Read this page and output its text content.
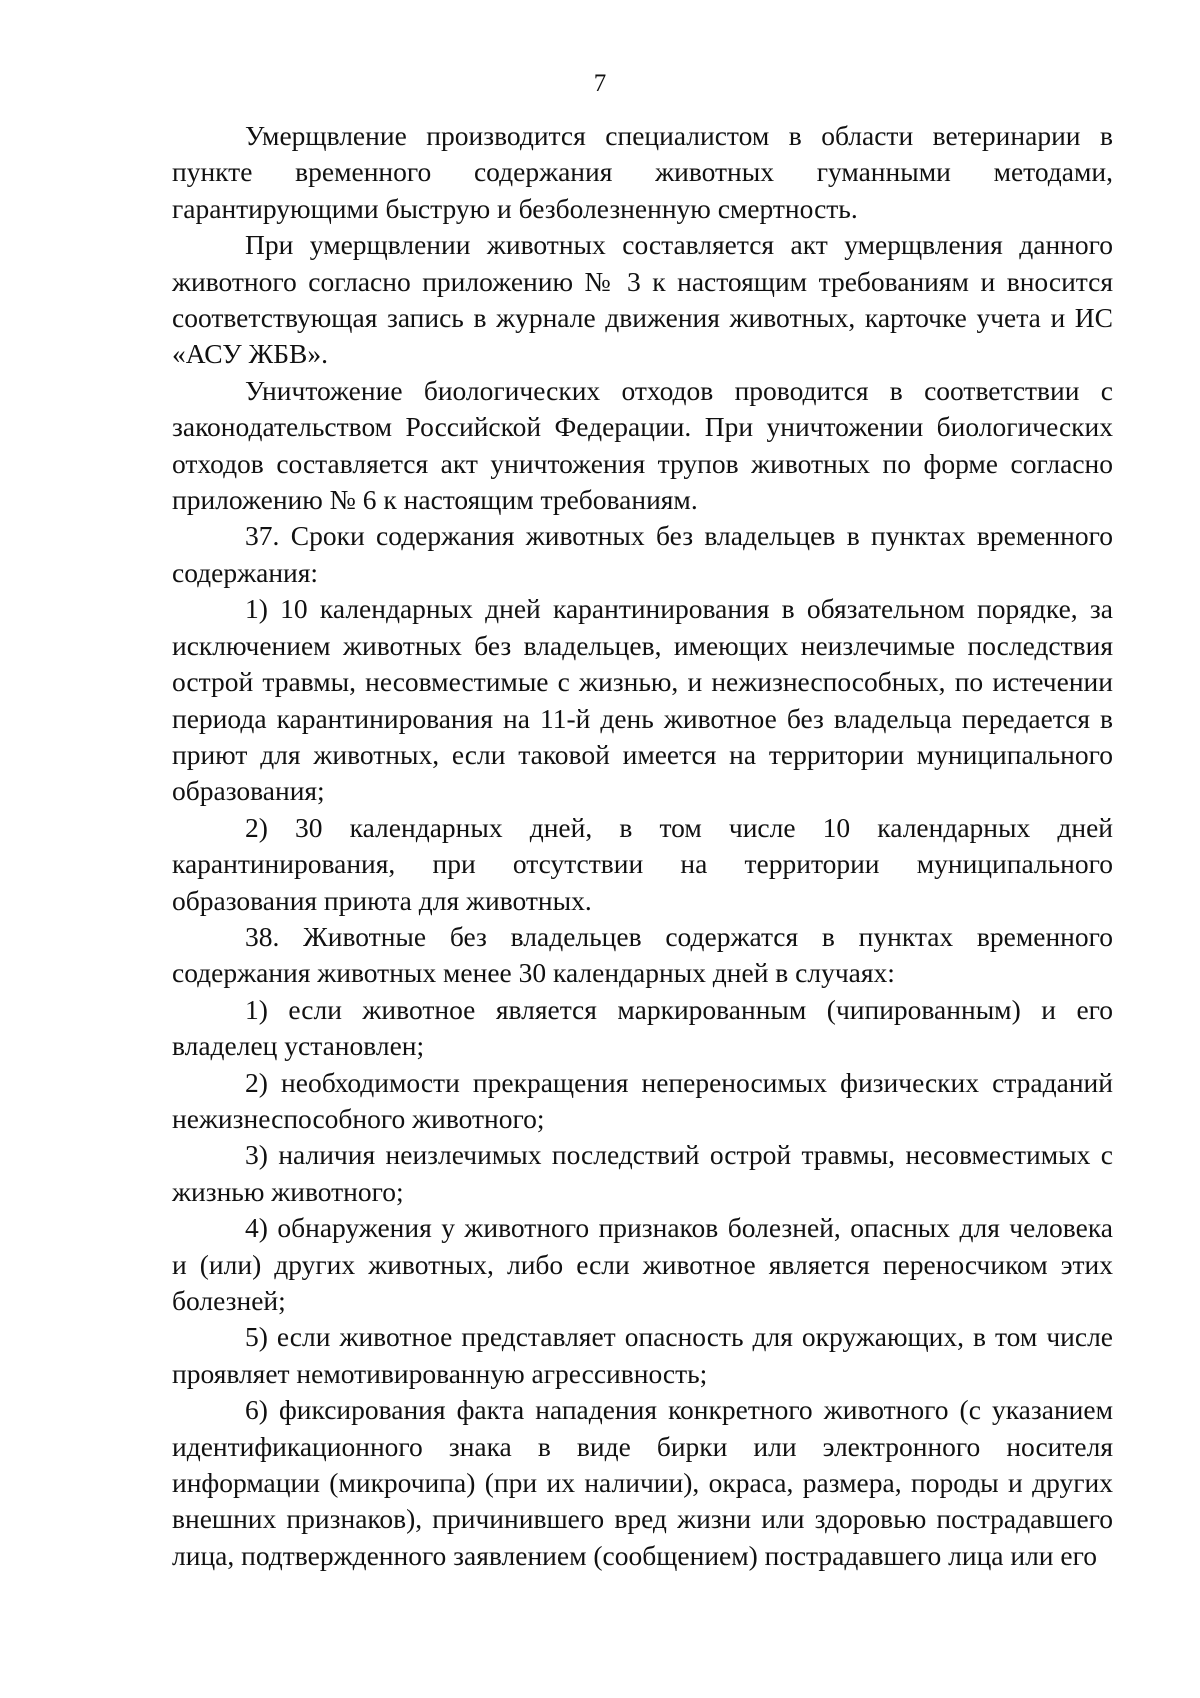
7

Умерщвление производится специалистом в области ветеринарии в пункте временного содержания животных гуманными методами, гарантирующими быструю и безболезненную смертность.

При умерщвлении животных составляется акт умерщвления данного животного согласно приложению № 3 к настоящим требованиям и вносится соответствующая запись в журнале движения животных, карточке учета и ИС «АСУ ЖБВ».

Уничтожение биологических отходов проводится в соответствии с законодательством Российской Федерации. При уничтожении биологических отходов составляется акт уничтожения трупов животных по форме согласно приложению № 6 к настоящим требованиям.

37. Сроки содержания животных без владельцев в пунктах временного содержания:

1) 10 календарных дней карантинирования в обязательном порядке, за исключением животных без владельцев, имеющих неизлечимые последствия острой травмы, несовместимые с жизнью, и нежизнеспособных, по истечении периода карантинирования на 11-й день животное без владельца передается в приют для животных, если таковой имеется на территории муниципального образования;

2) 30 календарных дней, в том числе 10 календарных дней карантинирования, при отсутствии на территории муниципального образования приюта для животных.

38. Животные без владельцев содержатся в пунктах временного содержания животных менее 30 календарных дней в случаях:

1) если животное является маркированным (чипированным) и его владелец установлен;

2) необходимости прекращения непереносимых физических страданий нежизнеспособного животного;

3) наличия неизлечимых последствий острой травмы, несовместимых с жизнью животного;

4) обнаружения у животного признаков болезней, опасных для человека и (или) других животных, либо если животное является переносчиком этих болезней;

5) если животное представляет опасность для окружающих, в том числе проявляет немотивированную агрессивность;

6) фиксирования факта нападения конкретного животного (с указанием идентификационного знака в виде бирки или электронного носителя информации (микрочипа) (при их наличии), окраса, размера, породы и других внешних признаков), причинившего вред жизни или здоровью пострадавшего лица, подтвержденного заявлением (сообщением) пострадавшего лица или его
